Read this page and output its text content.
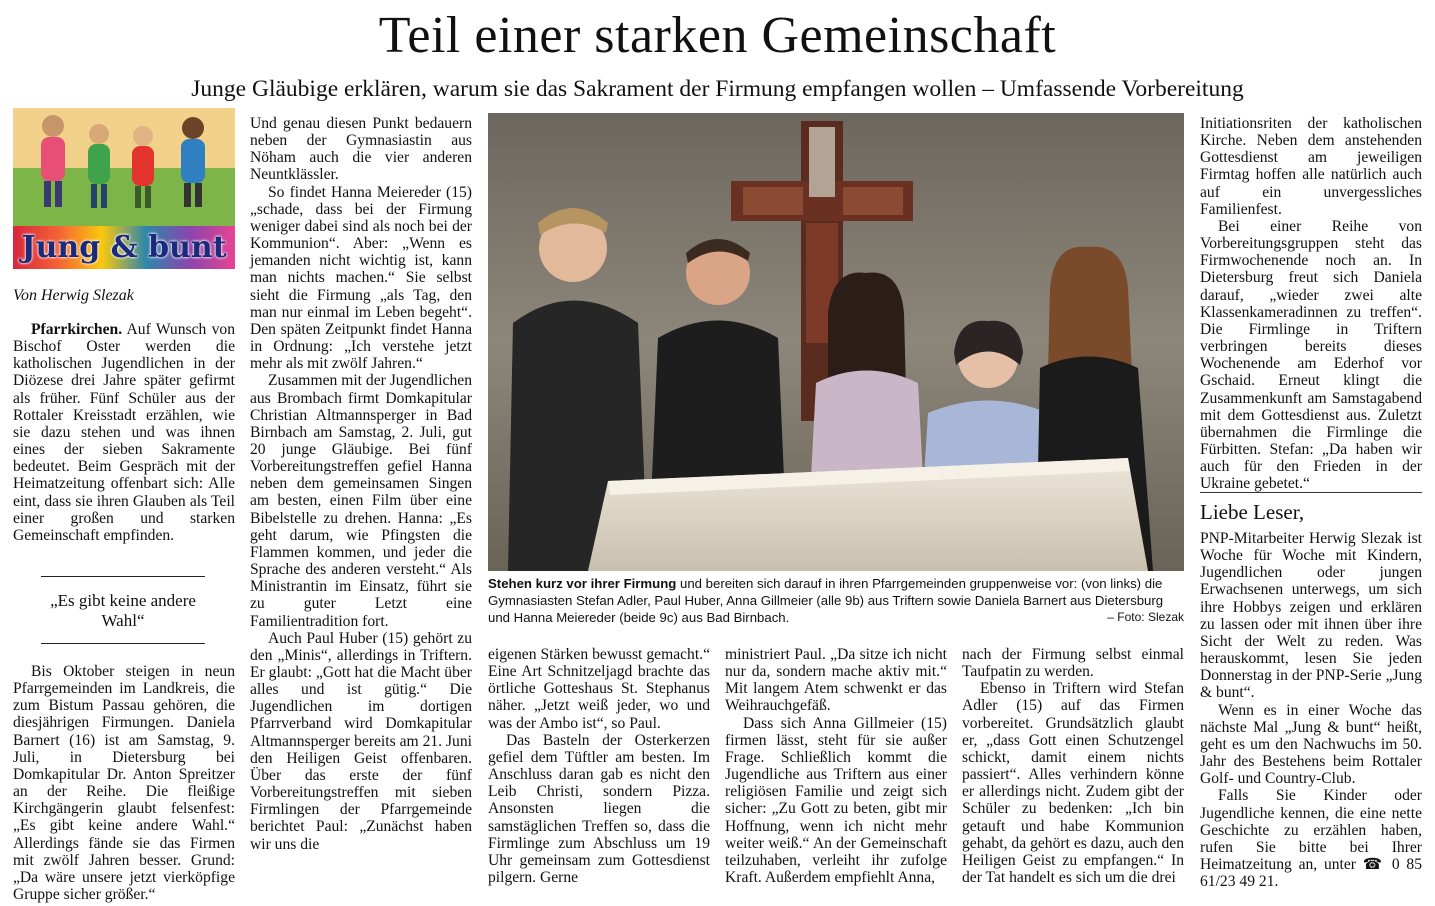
Teil einer starken Gemeinschaft
Junge Gläubige erklären, warum sie das Sakrament der Firmung empfangen wollen – Umfassende Vorbereitung
Jung & bunt
Von Herwig Slezak

Pfarrkirchen. Auf Wunsch von Bischof Oster werden die katholischen Jugendlichen in der Diözese drei Jahre später gefirmt als früher. Fünf Schüler aus der Rottaler Kreisstadt erzählen, wie sie dazu stehen und was ihnen eines der sieben Sakramente bedeutet. Beim Gespräch mit der Heimatzeitung offenbart sich: Alle eint, dass sie ihren Glauben als Teil einer großen und starken Gemeinschaft empfinden.

„Es gibt keine andere Wahl“

Bis Oktober steigen in neun Pfarrgemeinden im Landkreis, die zum Bistum Passau gehören, die diesjährigen Firmungen. Daniela Barnert (16) ist am Samstag, 9. Juli, in Dietersburg bei Domkapitular Dr. Anton Spreitzer an der Reihe. Die fleißige Kirchgängerin glaubt felsenfest: „Es gibt keine andere Wahl.“ Allerdings fände sie das Firmen mit zwölf Jahren besser. Grund: „Da wäre unsere jetzt vierköpfige Gruppe sicher größer.“

Und genau diesen Punkt bedauern neben der Gymnasiastin aus Nöham auch die vier anderen Neuntklässler.

So findet Hanna Meiereder (15) „schade, dass bei der Firmung weniger dabei sind als noch bei der Kommunion“. Aber: „Wenn es jemanden nicht wichtig ist, kann man nichts machen.“ Sie selbst sieht die Firmung „als Tag, den man nur einmal im Leben begeht“. Den späten Zeitpunkt findet Hanna in Ordnung: „Ich verstehe jetzt mehr als mit zwölf Jahren.“

Zusammen mit der Jugendlichen aus Brombach firmt Domkapitular Christian Altmannsperger in Bad Birnbach am Samstag, 2. Juli, gut 20 junge Gläubige. Bei fünf Vorbereitungstreffen gefiel Hanna neben dem gemeinsamen Singen am besten, einen Film über eine Bibelstelle zu drehen. Hanna: „Es geht darum, wie Pfingsten die Flammen kommen, und jeder die Sprache des anderen versteht.“ Als Ministrantin im Einsatz, führt sie zu guter Letzt eine Familientradition fort.

Auch Paul Huber (15) gehört zu den „Minis“, allerdings in Triftern. Er glaubt: „Gott hat die Macht über alles und ist gütig.“ Die Jugendlichen im dortigen Pfarrverband wird Domkapitular Altmannsperger bereits am 21. Juni den Heiligen Geist offenbaren. Über das erste der fünf Vorbereitungstreffen mit sieben Firmlingen der Pfarrgemeinde berichtet Paul: „Zunächst haben wir uns die

Stehen kurz vor ihrer Firmung und bereiten sich darauf in ihren Pfarrgemeinden gruppenweise vor: (von links) die Gymnasiasten Stefan Adler, Paul Huber, Anna Gillmeier (alle 9b) aus Triftern sowie Daniela Barnert aus Dietersburg und Hanna Meiereder (beide 9c) aus Bad Birnbach.	– Foto: Slezak

eigenen Stärken bewusst gemacht.“ Eine Art Schnitzeljagd brachte das örtliche Gotteshaus St. Stephanus näher. „Jetzt weiß jeder, wo und was der Ambo ist“, so Paul.

Das Basteln der Osterkerzen gefiel dem Tüftler am besten. Im Anschluss daran gab es nicht den Leib Christi, sondern Pizza. Ansonsten liegen die samstäglichen Treffen so, dass die Firmlinge zum Abschluss um 19 Uhr gemeinsam zum Gottesdienst pilgern. Gerne

ministriert Paul. „Da sitze ich nicht nur da, sondern mache aktiv mit.“ Mit langem Atem schwenkt er das Weihrauchgefäß.

Dass sich Anna Gillmeier (15) firmen lässt, steht für sie außer Frage. Schließlich kommt die Jugendliche aus Triftern aus einer religiösen Familie und zeigt sich sicher: „Zu Gott zu beten, gibt mir Hoffnung, wenn ich nicht mehr weiter weiß.“ An der Gemeinschaft teilzuhaben, verleiht ihr zufolge Kraft. Außerdem empfiehlt Anna,

nach der Firmung selbst einmal Taufpatin zu werden.

Ebenso in Triftern wird Stefan Adler (15) auf das Firmen vorbereitet. Grundsätzlich glaubt er, „dass Gott einen Schutzengel schickt, damit einem nichts passiert“. Alles verhindern könne er allerdings nicht. Zudem gibt der Schüler zu bedenken: „Ich bin getauft und habe Kommunion gehabt, da gehört es dazu, auch den Heiligen Geist zu empfangen.“ In der Tat handelt es sich um die drei

Initiationsriten der katholischen Kirche. Neben dem anstehenden Gottesdienst am jeweiligen Firmtag hoffen alle natürlich auch auf ein unvergessliches Familienfest.

Bei einer Reihe von Vorbereitungsgruppen steht das Firmwochenende noch an. In Dietersburg freut sich Daniela darauf, „wieder zwei alte Klassenkameradinnen zu treffen“. Die Firmlinge in Triftern verbringen bereits dieses Wochenende am Ederhof vor Gschaid. Erneut klingt die Zusammenkunft am Samstagabend mit dem Gottesdienst aus. Zuletzt übernahmen die Firmlinge die Fürbitten. Stefan: „Da haben wir auch für den Frieden in der Ukraine gebetet.“

Liebe Leser,

PNP-Mitarbeiter Herwig Slezak ist Woche für Woche mit Kindern, Jugendlichen oder jungen Erwachsenen unterwegs, um sich ihre Hobbys zeigen und erklären zu lassen oder mit ihnen über ihre Sicht der Welt zu reden. Was herauskommt, lesen Sie jeden Donnerstag in der PNP-Serie „Jung & bunt“.

Wenn es in einer Woche das nächste Mal „Jung & bunt“ heißt, geht es um den Nachwuchs im 50. Jahr des Bestehens beim Rottaler Golf- und Country-Club.

Falls Sie Kinder oder Jugendliche kennen, die eine nette Geschichte zu erzählen haben, rufen Sie bitte bei Ihrer Heimatzeitung an, unter ☎ 0 85 61/23 49 21.
